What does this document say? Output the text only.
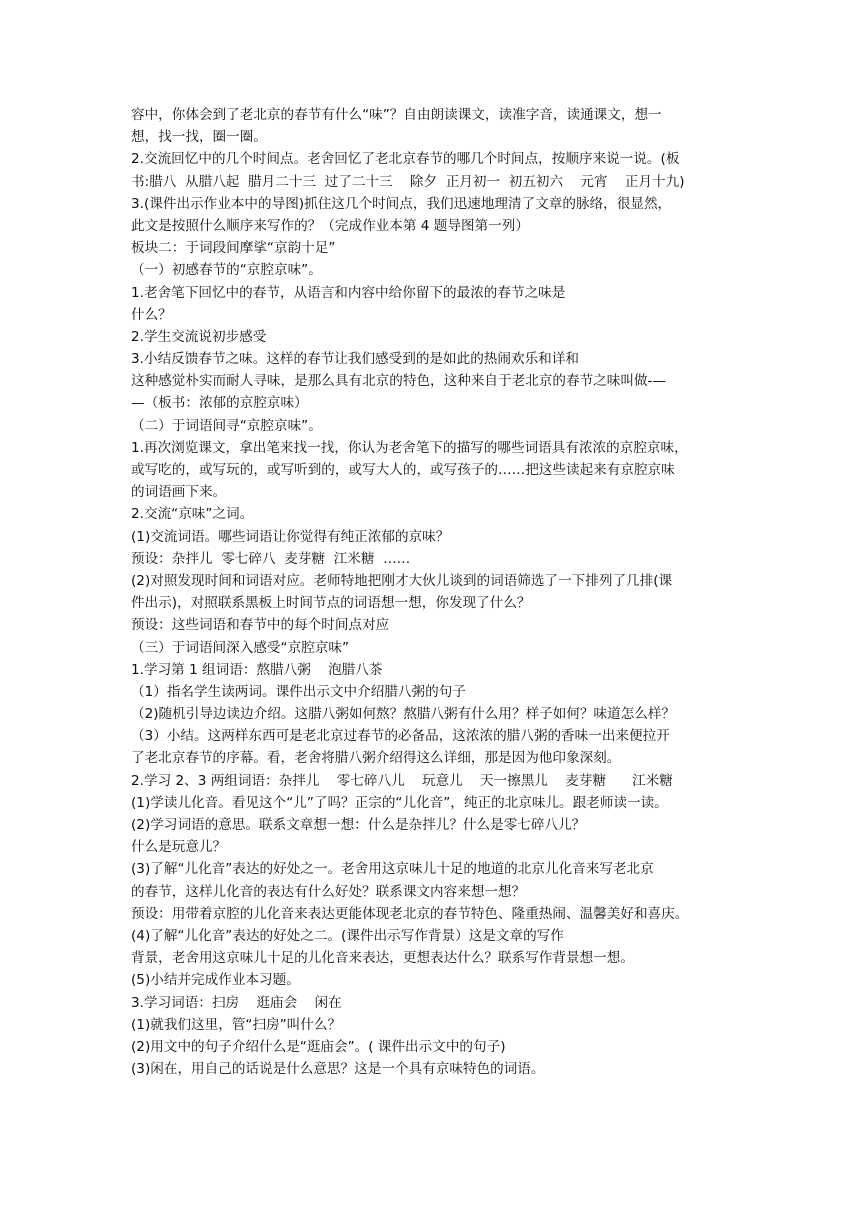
容中，你体会到了老北京的春节有什么“味”？自由朗读课文，读准字音，读通课文，想一
想，找一找，圈一圈。
2.交流回忆中的几个时间点。老舍回忆了老北京春节的哪几个时间点，按顺序来说一说。(板
书:腊八  从腊八起  腊月二十三  过了二十三    除夕  正月初一  初五初六    元宵    正月十九)
3.(课件出示作业本中的导图)抓住这几个时间点，我们迅速地理清了文章的脉络，很显然，
此文是按照什么顺序来写作的？（完成作业本第 4 题导图第一列）
板块二：于词段间摩挲“京韵十足”
（一）初感春节的“京腔京味”。
1.老舍笔下回忆中的春节，从语言和内容中给你留下的最浓的春节之味是
什么？
2.学生交流说初步感受
3.小结反馈春节之味。这样的春节让我们感受到的是如此的热闹欢乐和详和
这种感觉朴实而耐人寻味，是那么具有北京的特色，这种来自于老北京的春节之味叫做-—
—（板书：浓郁的京腔京味）
（二）于词语间寻“京腔京味”。
1.再次浏览课文，拿出笔来找一找，你认为老舍笔下的描写的哪些词语具有浓浓的京腔京味，
或写吃的，或写玩的，或写听到的，或写大人的，或写孩子的……把这些读起来有京腔京味
的词语画下来。
2.交流“京味”之词。
(1)交流词语。哪些词语让你觉得有纯正浓郁的京味？
预设：杂拌儿  零七碎八  麦芽糖  江米糖  ……
(2)对照发现时间和词语对应。老师特地把刚才大伙儿谈到的词语筛选了一下排列了几排(课
件出示)，对照联系黑板上时间节点的词语想一想，你发现了什么？
预设：这些词语和春节中的每个时间点对应
（三）于词语间深入感受“京腔京味”
1.学习第 1 组词语：熬腊八粥    泡腊八茶
（1）指名学生读两词。课件出示文中介绍腊八粥的句子
（2)随机引导边读边介绍。这腊八粥如何熬？熬腊八粥有什么用？样子如何？味道怎么样？
（3）小结。这两样东西可是老北京过春节的必备品，这浓浓的腊八粥的香味一出来便拉开
了老北京春节的序幕。看，老舍将腊八粥介绍得这么详细，那是因为他印象深刻。
2.学习 2、3 两组词语：杂拌儿    零七碎八儿    玩意儿    天一擦黑儿    麦芽糖      江米糖
(1)学读儿化音。看见这个“儿”了吗？正宗的“儿化音”，纯正的北京味儿。跟老师读一读。
(2)学习词语的意思。联系文章想一想：什么是杂拌儿？什么是零七碎八儿？
什么是玩意儿？
(3)了解“儿化音”表达的好处之一。老舍用这京味儿十足的地道的北京儿化音来写老北京
的春节，这样儿化音的表达有什么好处？联系课文内容来想一想？
预设：用带着京腔的儿化音来表达更能体现老北京的春节特色、隆重热闹、温馨美好和喜庆。
(4)了解“儿化音”表达的好处之二。(课件出示写作背景）这是文章的写作
背景，老舍用这京味儿十足的儿化音来表达，更想表达什么？联系写作背景想一想。
(5)小结并完成作业本习题。
3.学习词语：扫房    逛庙会    闲在
(1)就我们这里，管“扫房”叫什么？
(2)用文中的句子介绍什么是“逛庙会”。( 课件出示文中的句子)
(3)闲在，用自己的话说是什么意思？这是一个具有京味特色的词语。
